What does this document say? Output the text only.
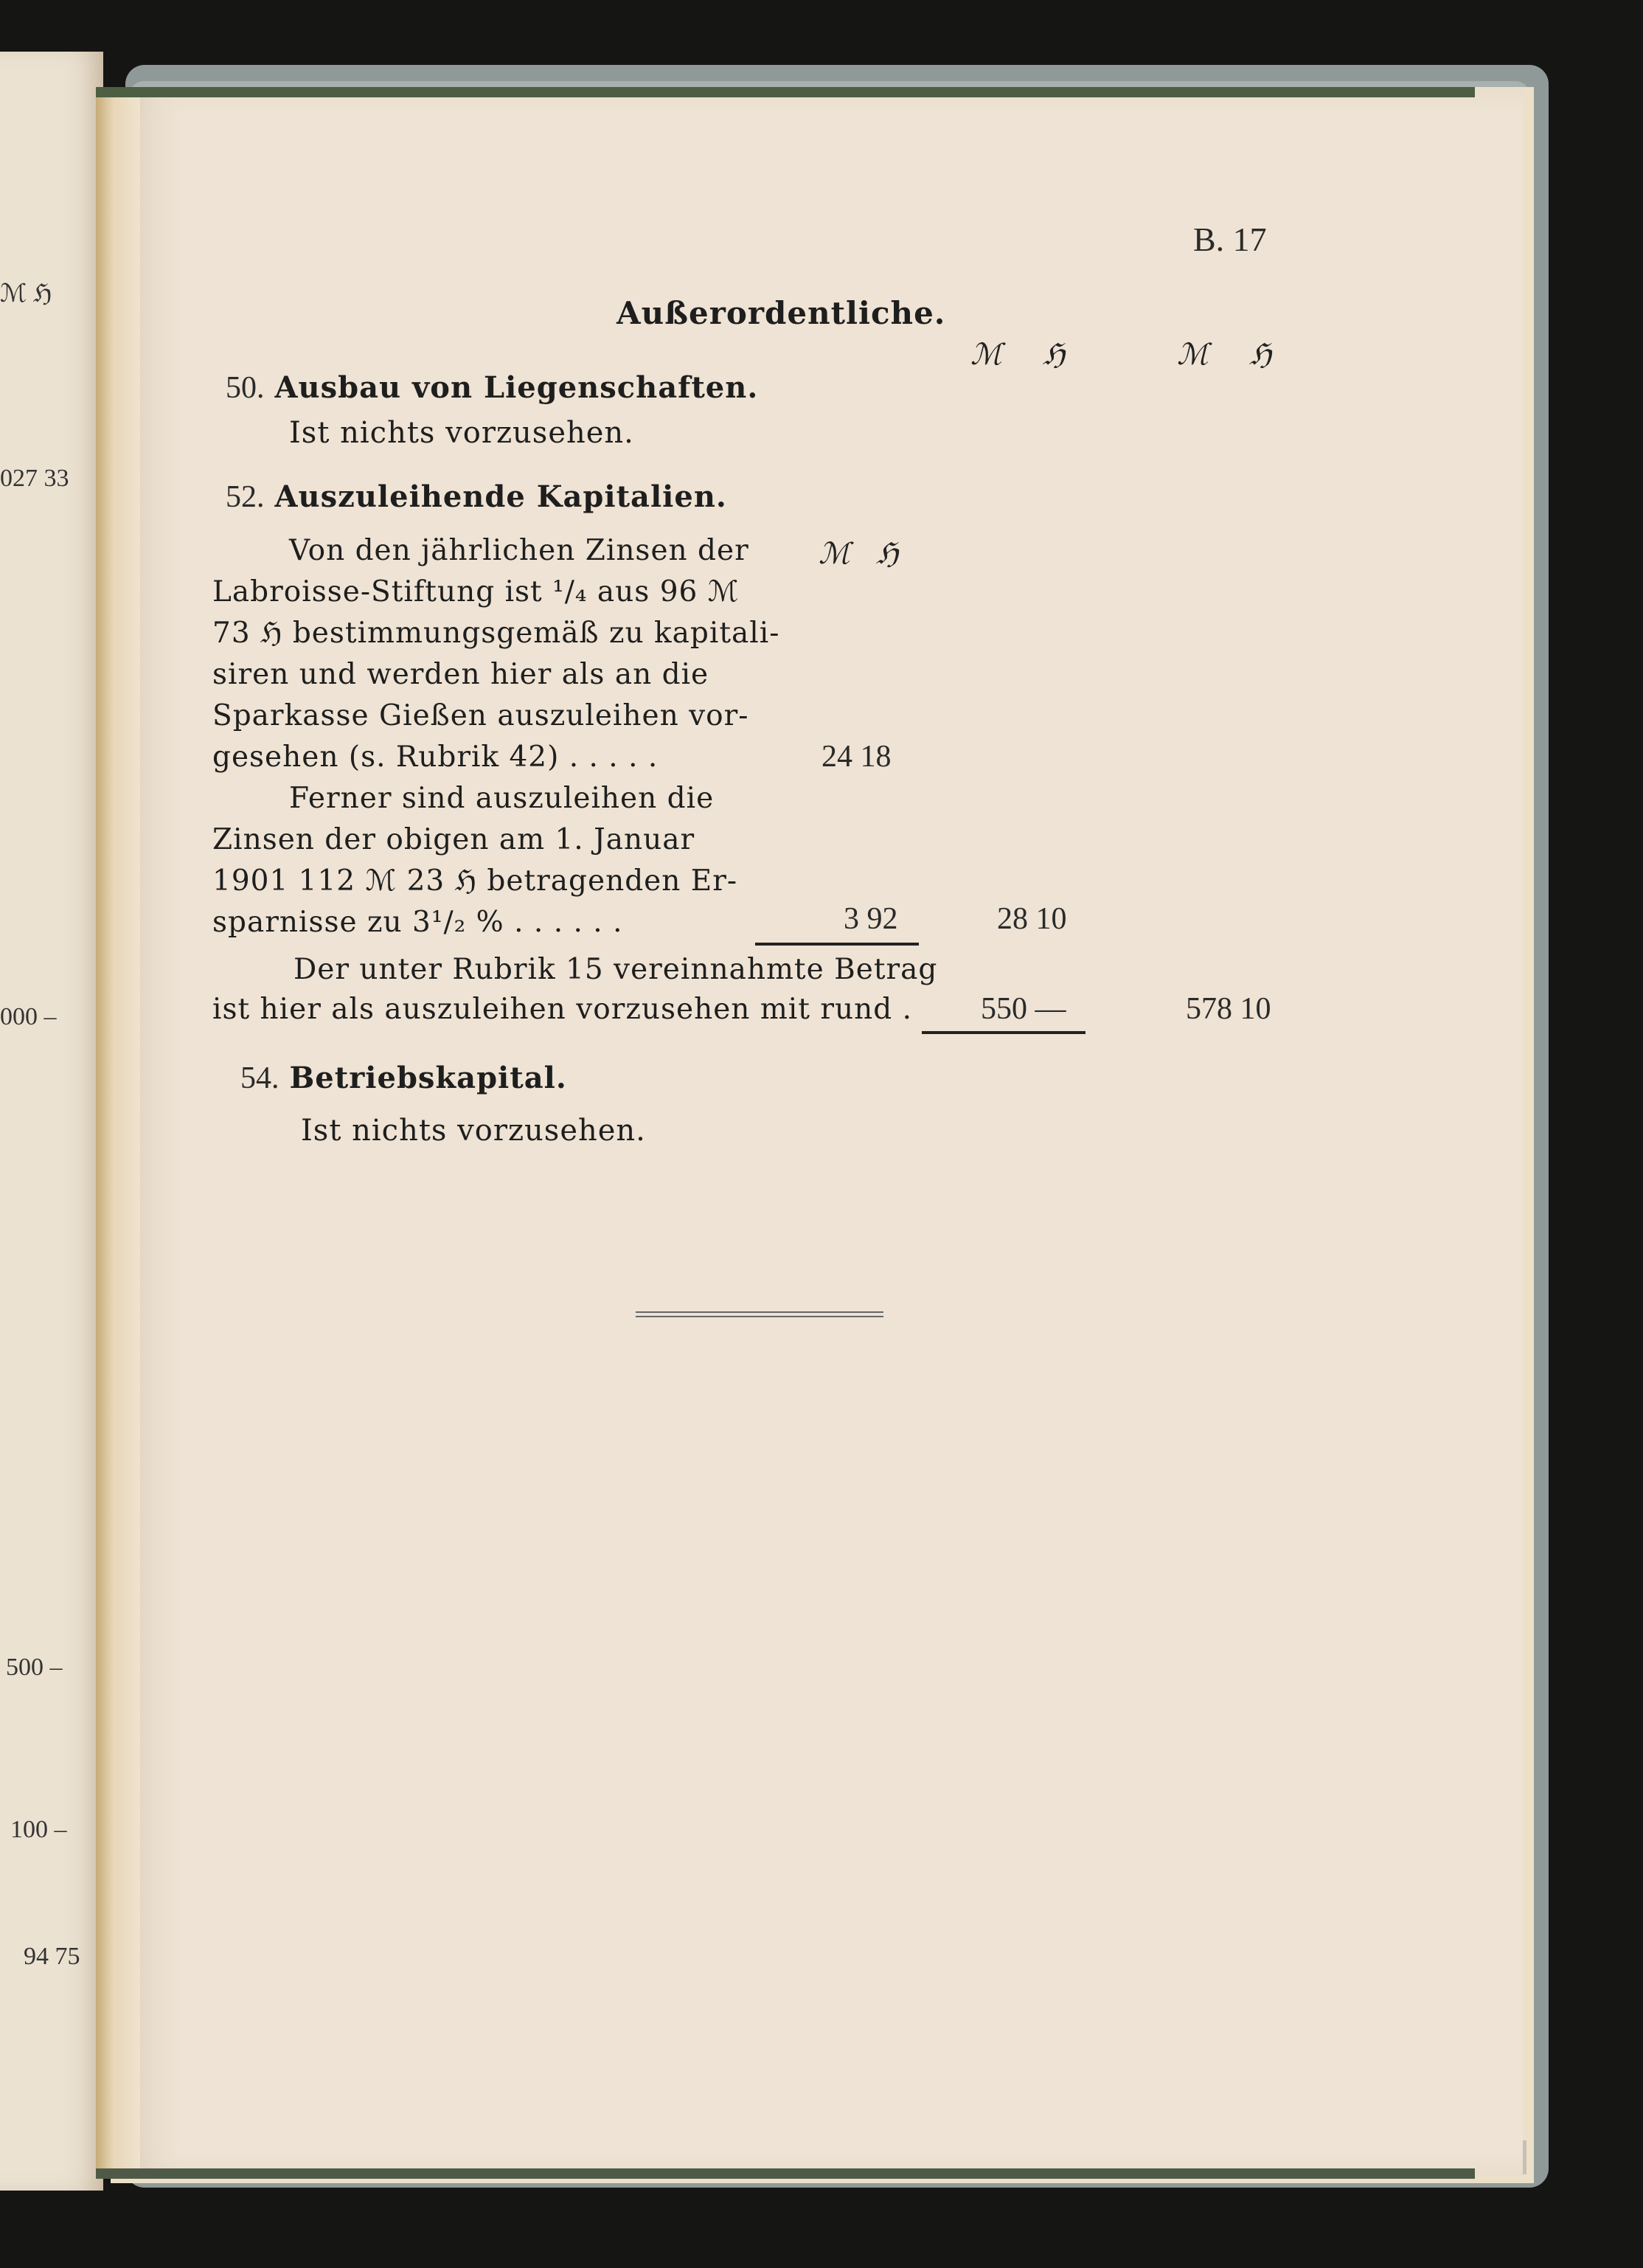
ℳ ℌ
027 33
000 –
500 –
100 –
94 75
B. 17
Außerordentliche.
ℳ ℌ	ℳ ℌ
50. Ausbau von Liegenschaften.
Ist nichts vorzusehen.
52. Auszuleihende Kapitalien.
ℳ ℌ
Von den jährlichen Zinsen der
Labroisse-Stiftung ist ¹/₄ aus 96 ℳ
73 ℌ bestimmungsgemäß zu kapitali-
siren und werden hier als an die
Sparkasse Gießen auszuleihen vor-
gesehen (s. Rubrik 42) . . . . .	24 18
Ferner sind auszuleihen die
Zinsen der obigen am 1. Januar
1901 112 ℳ 23 ℌ betragenden Er-
sparnisse zu 3¹/₂ % . . . . . .	3 92	28 10
Der unter Rubrik 15 vereinnahmte Betrag
ist hier als auszuleihen vorzusehen mit rund . 550 —	578 10
54. Betriebskapital.
Ist nichts vorzusehen.
